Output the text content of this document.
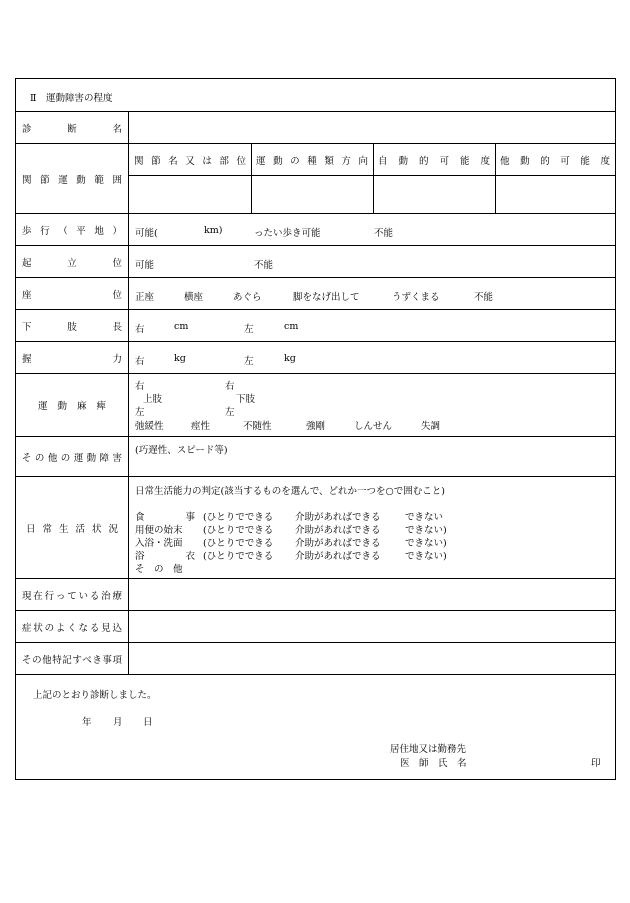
Ⅱ　運動障害の程度
診　断　名
関節運動範囲
関節名又は部位 運動の種類方向 自動的可能度 他動的可能度
歩行（平地） 可能(	km)	ったい歩き可能	不能
起　立　位 可能	不能
座　　　位 正座	横座	あぐら	脚をなげ出して	うずくまる	不能
下　肢　長 右	cm	左	cm
握　　　力 右	kg	左	kg
運動麻痺
右	右
上肢	下肢
左	左
弛緩性	痙性	不随性	強剛	しんせん	失調
その他の運動障害
(巧遅性、スピード等)
日常生活状況
日常生活能力の判定(該当するものを選んで、どれか一つを○で囲むこと)
食　　事 (ひとりでできる 介助があればできる	できない
用便の始末 (ひとりでできる 介助があればできる	できない)
入浴・洗面 (ひとりでできる 介助があればできる	できない)
浴　　衣 (ひとりでできる 介助があればできる	できない)
そ　の　他
現在行っている治療
症状のよくなる見込
その他特記すべき事項
上記のとおり診断しました。
年 月 日
居住地又は勤務先
医　師　氏　名	印
